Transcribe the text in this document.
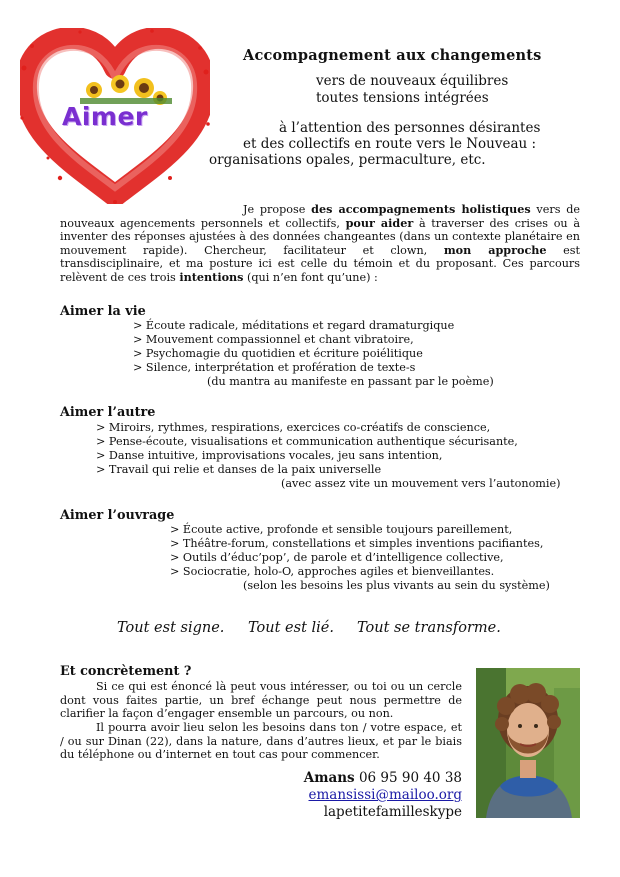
Aimer
Accompagnement aux changements
vers de nouveaux équilibres
toutes tensions intégrées
à l’attention des personnes désirantes
et des collectifs en route vers le Nouveau :
organisations opales, permaculture, etc.
Je propose des accompagnements holistiques vers de nouveaux agencements personnels et collectifs, pour aider à traverser des crises ou à inventer des réponses ajustées à des données changeantes (dans un contexte planétaire en mouvement rapide). Chercheur, facilitateur et clown, mon approche est transdisciplinaire, et ma posture ici est celle du témoin et du proposant. Ces parcours relèvent de ces trois intentions (qui n’en font qu’une) :
Aimer la vie
> Écoute radicale, méditations et regard dramaturgique
> Mouvement compassionnel et chant vibratoire,
> Psychomagie du quotidien et écriture poiélitique
> Silence, interprétation et profération de texte-s
(du mantra au manifeste en passant par le poème)
Aimer l’autre
> Miroirs, rythmes, respirations, exercices co-créatifs de conscience,
> Pense-écoute, visualisations et communication authentique sécurisante,
> Danse intuitive, improvisations vocales, jeu sans intention,
> Travail qui relie et danses de la paix universelle
(avec assez vite un mouvement vers l’autonomie)
Aimer l’ouvrage
> Écoute active, profonde et sensible toujours pareillement,
> Théâtre-forum, constellations et simples inventions pacifiantes,
> Outils d’éduc’pop’, de parole et d’intelligence collective,
> Sociocratie, holo-O, approches agiles et bienveillantes.
(selon les besoins les plus vivants au sein du système)
Tout est signe. Tout est lié. Tout se transforme.
Et concrètement ?
Si ce qui est énoncé là peut vous intéresser, ou toi ou un cercle dont vous faites partie, un bref échange peut nous permettre de clarifier la façon d’engager ensemble un parcours, ou non.
Il pourra avoir lieu selon les besoins dans ton / votre espace, et / ou sur Dinan (22), dans la nature, dans d’autres lieux, et par le biais du téléphone ou d’internet en tout cas pour commencer.
Amans 06 95 90 40 38
emansissi@mailoo.org
lapetitefamilleskype
